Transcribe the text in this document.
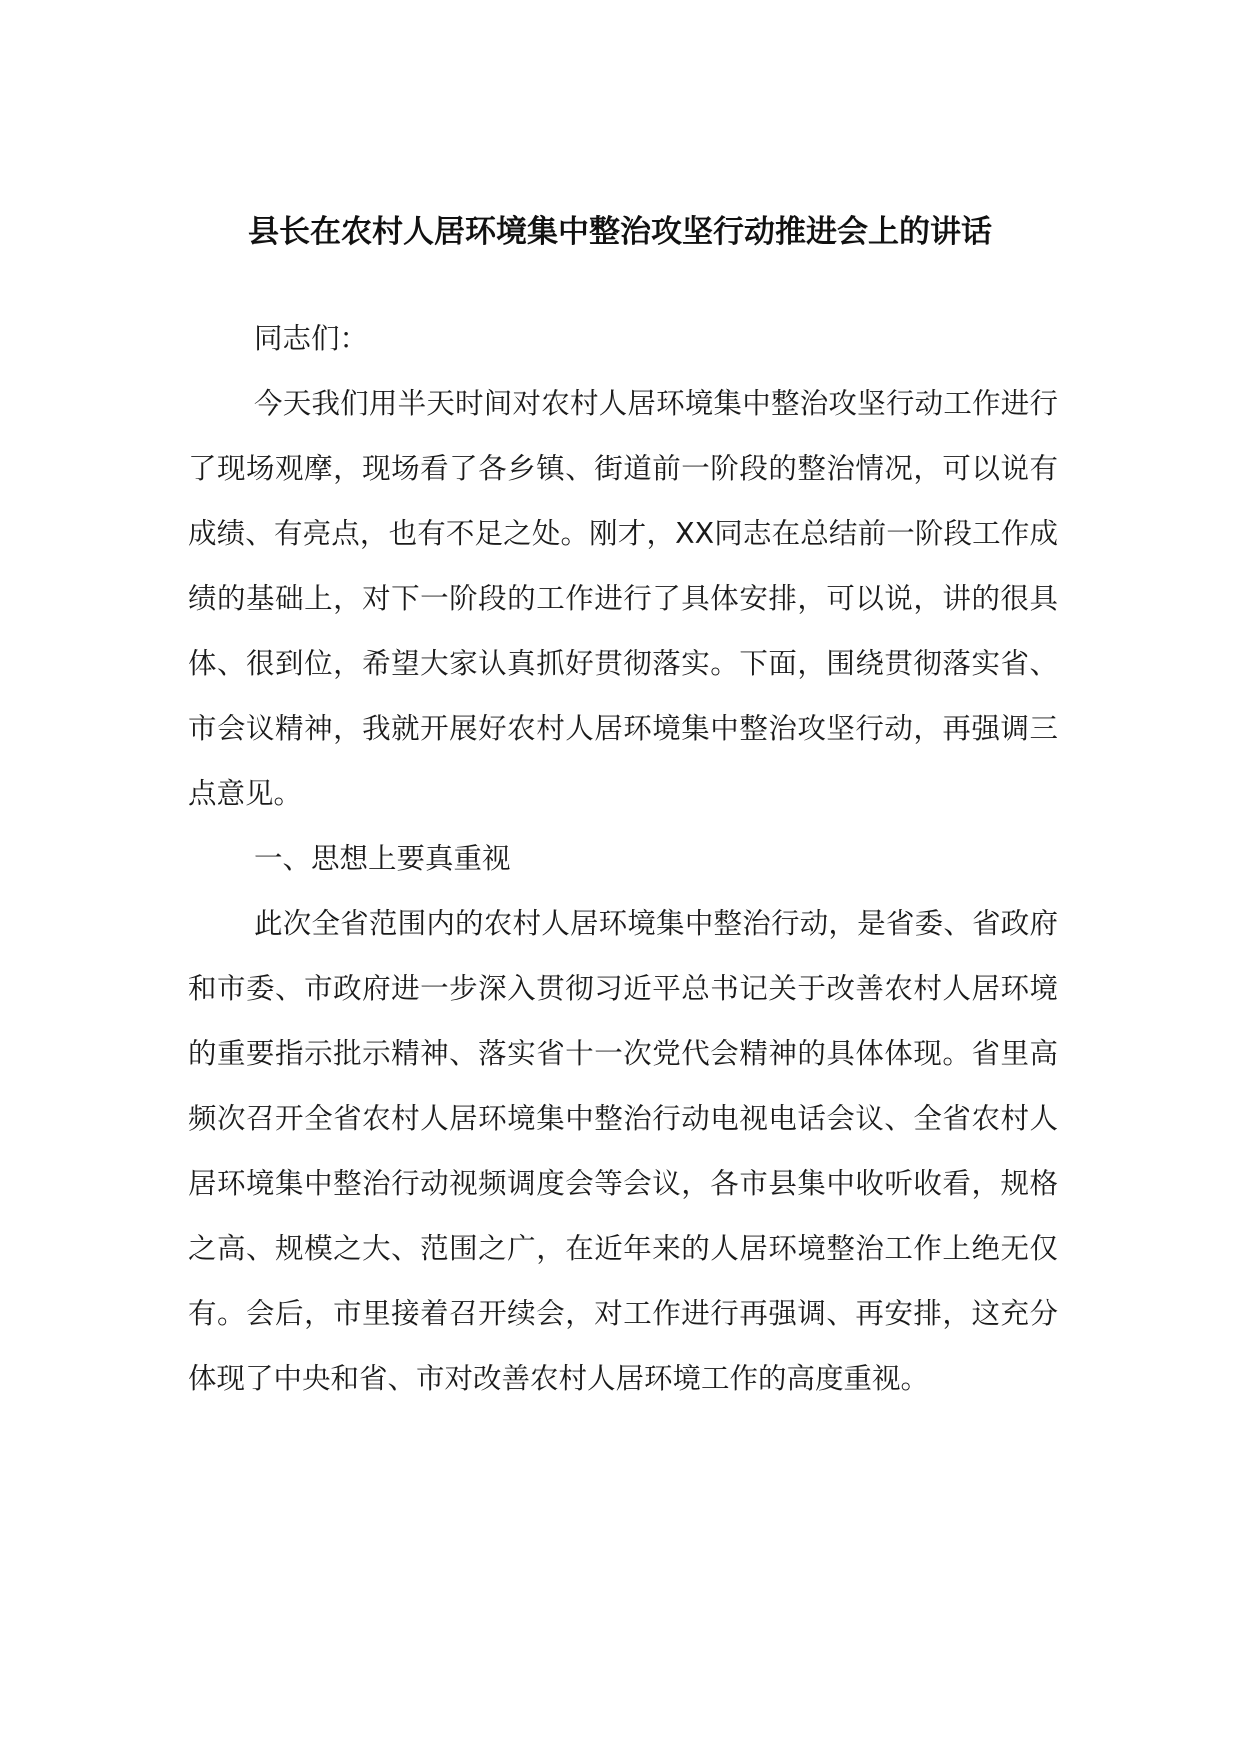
县长在农村人居环境集中整治攻坚行动推进会上的讲话

同志们：

今天我们用半天时间对农村人居环境集中整治攻坚行动工作进行了现场观摩，现场看了各乡镇、街道前一阶段的整治情况，可以说有成绩、有亮点，也有不足之处。刚才，XX同志在总结前一阶段工作成绩的基础上，对下一阶段的工作进行了具体安排，可以说，讲的很具体、很到位，希望大家认真抓好贯彻落实。下面，围绕贯彻落实省、市会议精神，我就开展好农村人居环境集中整治攻坚行动，再强调三点意见。

一、思想上要真重视

此次全省范围内的农村人居环境集中整治行动，是省委、省政府和市委、市政府进一步深入贯彻习近平总书记关于改善农村人居环境的重要指示批示精神、落实省十一次党代会精神的具体体现。省里高频次召开全省农村人居环境集中整治行动电视电话会议、全省农村人居环境集中整治行动视频调度会等会议，各市县集中收听收看，规格之高、规模之大、范围之广，在近年来的人居环境整治工作上绝无仅有。会后，市里接着召开续会，对工作进行再强调、再安排，这充分体现了中央和省、市对改善农村人居环境工作的高度重视。
